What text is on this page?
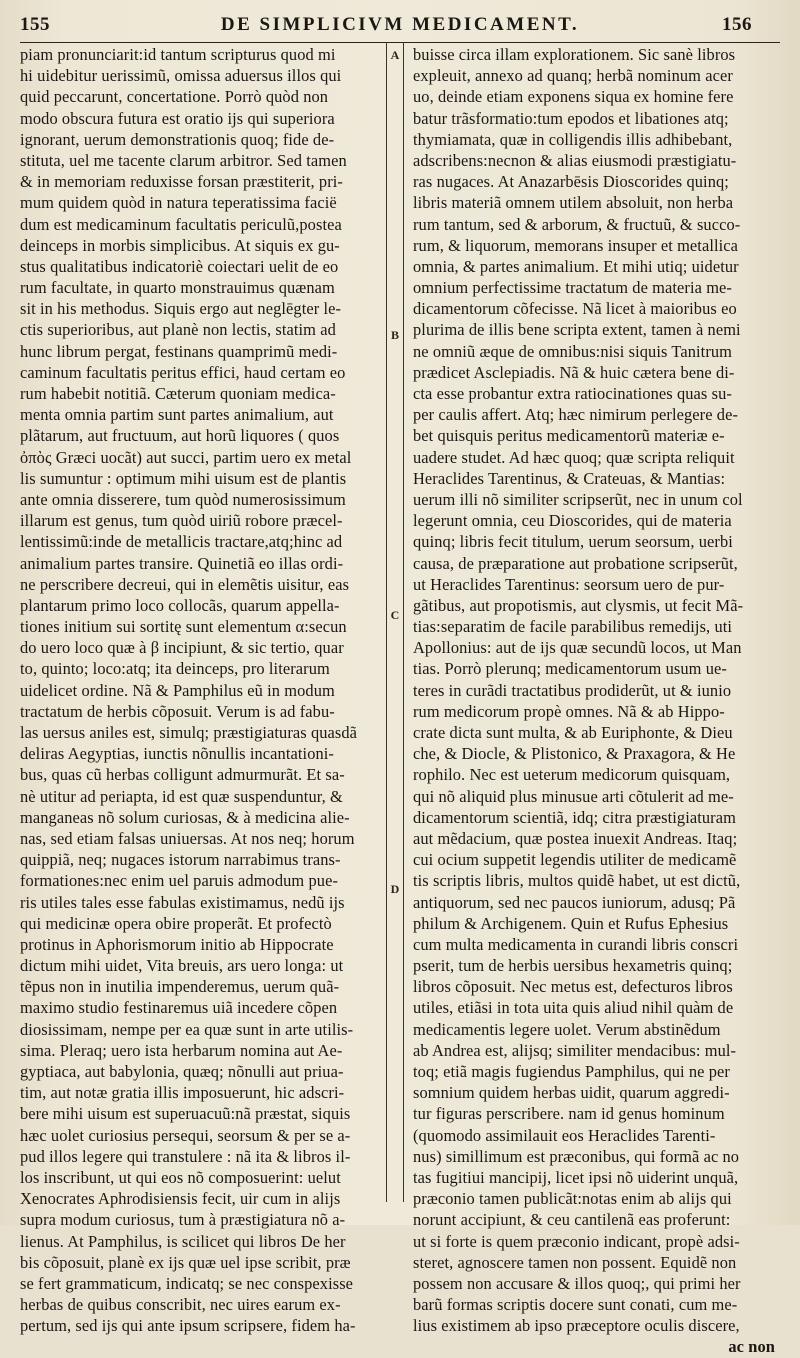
155	DE SIMPLICIVM MEDICAMENT.	156
A
B
C
D
piam pronunciarit:id tantum scripturus quod mi
hi uidebitur uerissimũ, omissa aduersus illos qui
quid peccarunt, concertatione. Porrò quòd non
modo obscura futura est oratio ijs qui superiora
ignorant, uerum demonstrationis quoq; fide de-
stituta, uel me tacente clarum arbitror. Sed tamen
& in memoriam reduxisse forsan præstiterit, pri-
mum quidem quòd in natura teperatissima facië
dum est medicaminum facultatis periculũ,postea
deinceps in morbis simplicibus. At siquis ex gu-
stus qualitatibus indicatoriè coiectari uelit de eo
rum facultate, in quarto monstrauimus quænam
sit in his methodus. Siquis ergo aut neglēgter le-
ctis superioribus, aut planè non lectis, statim ad
hunc librum pergat, festinans quamprimũ medi-
caminum facultatis peritus effici, haud certam eo
rum habebit notitiã. Cæterum quoniam medica-
menta omnia partim sunt partes animalium, aut
plãtarum, aut fructuum, aut horũ liquores ( quos
ὀπὸς Græci uocãt) aut succi, partim uero ex metal
lis sumuntur : optimum mihi uisum est de plantis
ante omnia disserere, tum quòd numerosissimum
illarum est genus, tum quòd uiriũ robore præcel-
lentissimũ:inde de metallicis tractare,atq;hinc ad
animalium partes transire. Quinetiã eo illas ordi-
ne perscribere decreui, qui in elemẽtis uisitur, eas
plantarum primo loco collocãs, quarum appella-
tiones initium sui sortitę sunt elementum α:secun
do uero loco quæ à β incipiunt, & sic tertio, quar
to, quinto; loco:atq; ita deinceps, pro literarum
uidelicet ordine. Nã & Pamphilus eũ in modum
tractatum de herbis cõposuit. Verum is ad fabu-
las uersus aniles est, simulq; præstigiaturas quasdã
deliras Aegyptias, iunctis nõnullis incantationi-
bus, quas cũ herbas colligunt admurmurãt. Et sa-
nè utitur ad periapta, id est quæ suspenduntur, &
manganeas nõ solum curiosas, & à medicina alie-
nas, sed etiam falsas uniuersas. At nos neq; horum
quippiã, neq; nugaces istorum narrabimus trans-
formationes:nec enim uel paruis admodum pue-
ris utiles tales esse fabulas existimamus, nedũ ijs
qui medicinæ opera obire properãt. Et profectò
protinus in Aphorismorum initio ab Hippocrate
dictum mihi uidet, Vita breuis, ars uero longa: ut
tẽpus non in inutilia impenderemus, uerum quã-
maximo studio festinaremus uiã incedere cõpen
diosissimam, nempe per ea quæ sunt in arte utilis-
sima. Pleraq; uero ista herbarum nomina aut Ae-
gyptiaca, aut babylonia, quæq; nõnulli aut priua-
tim, aut notæ gratia illis imposuerunt, hic adscri-
bere mihi uisum est superuacuũ:nã præstat, siquis
hæc uolet curiosius persequi, seorsum & per se a-
pud illos legere qui transtulere : nã ita & libros il-
los inscribunt, ut qui eos nõ composuerint: uelut
Xenocrates Aphrodisiensis fecit, uir cum in alijs
supra modum curiosus, tum à præstigiatura nõ a-
lienus. At Pamphilus, is scilicet qui libros De her
bis cõposuit, planè ex ijs quæ uel ipse scribit, præ
se fert grammaticum, indicatq; se nec conspexisse
herbas de quibus conscribit, nec uires earum ex-
pertum, sed ijs qui ante ipsum scripsere, fidem ha-
buisse circa illam explorationem. Sic sanè libros
expleuit, annexo ad quanq; herbã nominum acer
uo, deinde etiam exponens siqua ex homine fere
batur trãsformatio:tum epodos et libationes atq;
thymiamata, quæ in colligendis illis adhibebant,
adscribens:necnon & alias eiusmodi præstigiatu-
ras nugaces. At Anazarbēsis Dioscorides quinq;
libris materiã omnem utilem absoluit, non herba
rum tantum, sed & arborum, & fructuũ, & succo-
rum, & liquorum, memorans insuper et metallica
omnia, & partes animalium. Et mihi utiq; uidetur
omnium perfectissime tractatum de materia me-
dicamentorum cõfecisse. Nã licet à maioribus eo
plurima de illis bene scripta extent, tamen à nemi
ne omniũ æque de omnibus:nisi siquis Tanitrum
prædicet Asclepiadis. Nã & huic cætera bene di-
cta esse probantur extra ratiocinationes quas su-
per caulis affert. Atq; hæc nimirum perlegere de-
bet quisquis peritus medicamentorũ materiæ e-
uadere studet. Ad hæc quoq; quæ scripta reliquit
Heraclides Tarentinus, & Crateuas, & Mantias:
uerum illi nõ similiter scripserũt, nec in unum col
legerunt omnia, ceu Dioscorides, qui de materia
quinq; libris fecit titulum, uerum seorsum, uerbi
causa, de præparatione aut probatione scripserũt,
ut Heraclides Tarentinus: seorsum uero de pur-
gãtibus, aut propotismis, aut clysmis, ut fecit Mã-
tias:separatim de facile parabilibus remedijs, uti
Apollonius: aut de ijs quæ secundũ locos, ut Man
tias. Porrò plerunq; medicamentorum usum ue-
teres in curãdi tractatibus prodiderũt, ut & iunio
rum medicorum propè omnes. Nã & ab Hippo-
crate dicta sunt multa, & ab Euriphonte, & Dieu
che, & Diocle, & Plistonico, & Praxagora, & He
rophilo. Nec est ueterum medicorum quisquam,
qui nõ aliquid plus minusue arti cõtulerit ad me-
dicamentorum scientiã, idq; citra præstigiaturam
aut mẽdacium, quæ postea inuexit Andreas. Itaq;
cui ocium suppetit legendis utiliter de medicamẽ
tis scriptis libris, multos quidẽ habet, ut est dictũ,
antiquorum, sed nec paucos iuniorum, adusq; Pã
philum & Archigenem. Quin et Rufus Ephesius
cum multa medicamenta in curandi libris conscri
pserit, tum de herbis uersibus hexametris quinq;
libros cõposuit. Nec metus est, defecturos libros
utiles, etiãsi in tota uita quis aliud nihil quàm de
medicamentis legere uolet. Verum abstinẽdum
ab Andrea est, alijsq; similiter mendacibus: mul-
toq; etiã magis fugiendus Pamphilus, qui ne per
somnium quidem herbas uidit, quarum aggredi-
tur figuras perscribere. nam id genus hominum
(quomodo assimilauit eos Heraclides Tarenti-
nus) simillimum est præconibus, qui formã ac no
tas fugitiui mancipij, licet ipsi nõ uiderint unquã,
præconio tamen publicãt:notas enim ab alijs qui
norunt accipiunt, & ceu cantilenã eas proferunt:
ut si forte is quem præconio indicant, propè adsi-
steret, agnoscere tamen non possent. Equidẽ non
possem non accusare & illos quoq;, qui primi her
barũ formas scriptis docere sunt conati, cum me-
lius existimem ab ipso præceptore oculis discere,
ac non
